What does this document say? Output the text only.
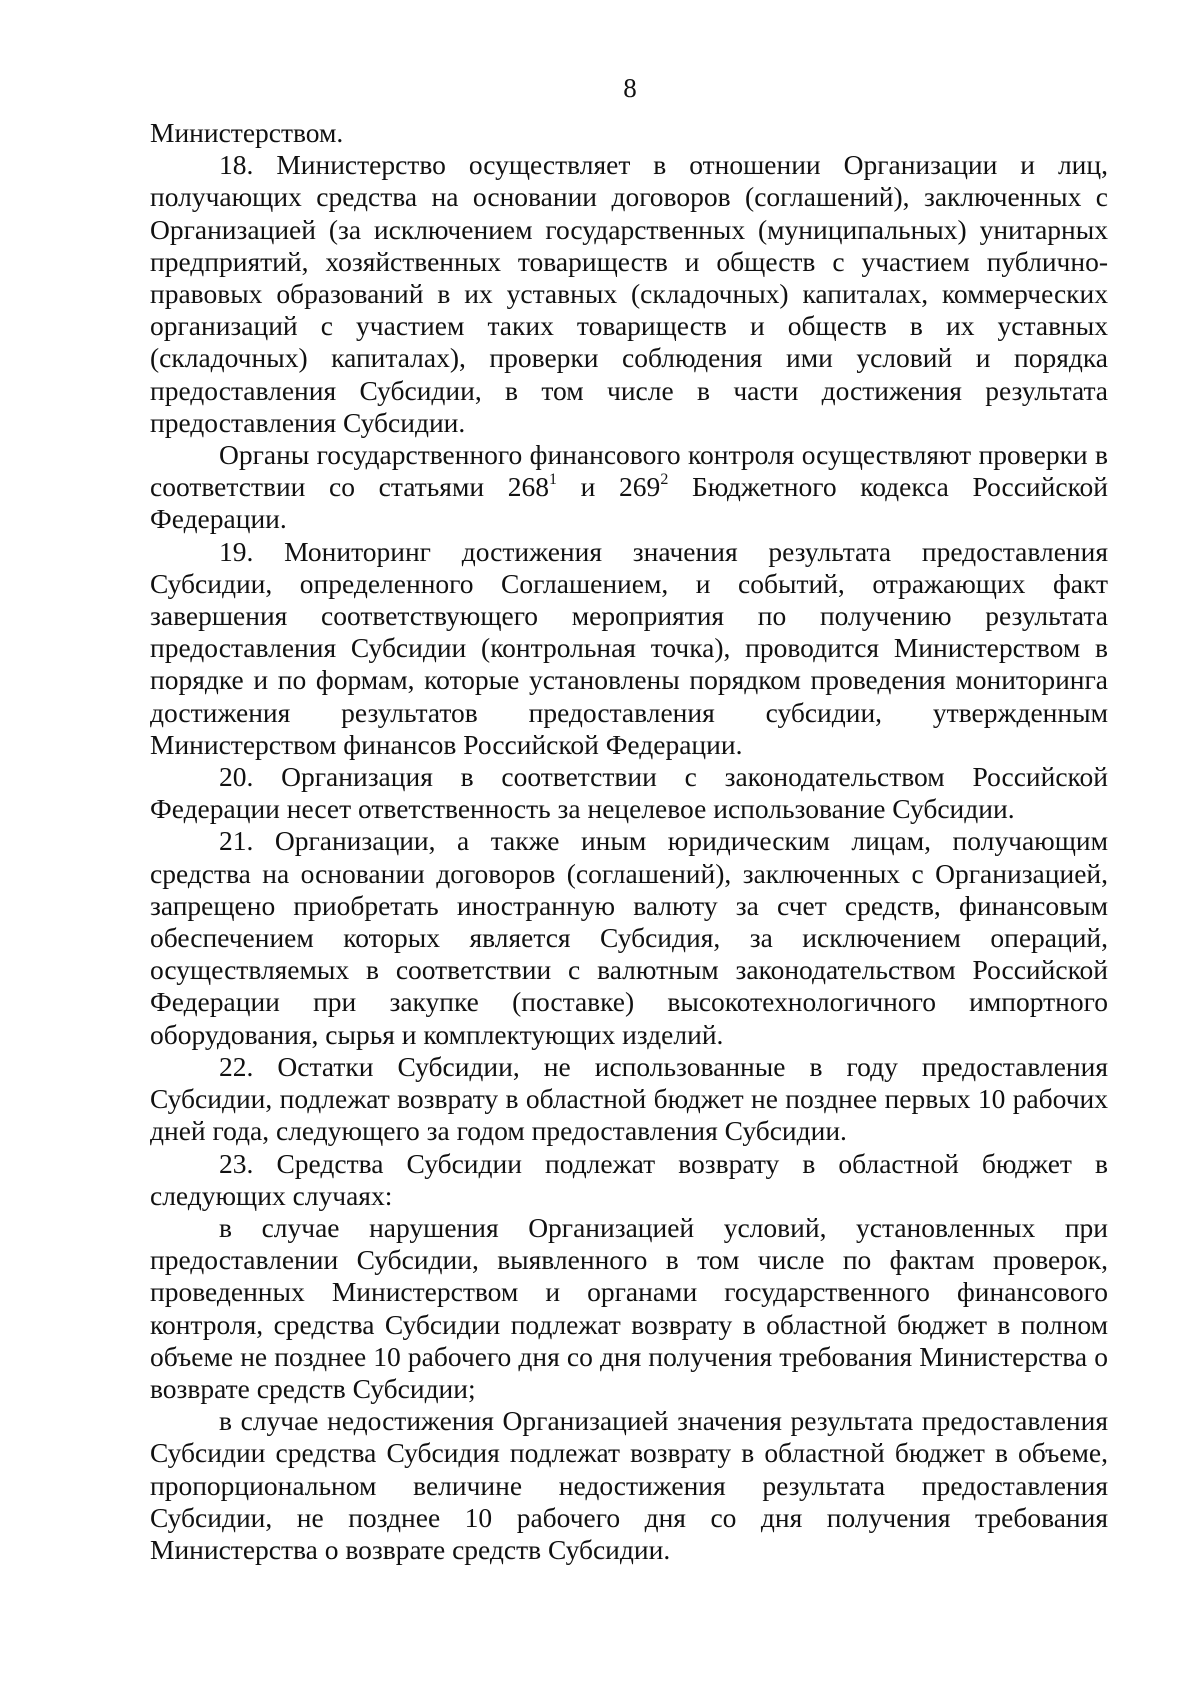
8

Министерством.

18. Министерство осуществляет в отношении Организации и лиц, получающих средства на основании договоров (соглашений), заключенных с Организацией (за исключением государственных (муниципальных) унитарных предприятий, хозяйственных товариществ и обществ с участием публично-правовых образований в их уставных (складочных) капиталах, коммерческих организаций с участием таких товариществ и обществ в их уставных (складочных) капиталах), проверки соблюдения ими условий и порядка предоставления Субсидии, в том числе в части достижения результата предоставления Субсидии.

Органы государственного финансового контроля осуществляют проверки в соответствии со статьями $268^1$ и $269^2$ Бюджетного кодекса Российской Федерации.

19. Мониторинг достижения значения результата предоставления Субсидии, определенного Соглашением, и событий, отражающих факт завершения соответствующего мероприятия по получению результата предоставления Субсидии (контрольная точка), проводится Министерством в порядке и по формам, которые установлены порядком проведения мониторинга достижения результатов предоставления субсидии, утвержденным Министерством финансов Российской Федерации.

20. Организация в соответствии с законодательством Российской Федерации несет ответственность за нецелевое использование Субсидии.

21. Организации, а также иным юридическим лицам, получающим средства на основании договоров (соглашений), заключенных с Организацией, запрещено приобретать иностранную валюту за счет средств, финансовым обеспечением которых является Субсидия, за исключением операций, осуществляемых в соответствии с валютным законодательством Российской Федерации при закупке (поставке) высокотехнологичного импортного оборудования, сырья и комплектующих изделий.

22. Остатки Субсидии, не использованные в году предоставления Субсидии, подлежат возврату в областной бюджет не позднее первых 10 рабочих дней года, следующего за годом предоставления Субсидии.

23. Средства Субсидии подлежат возврату в областной бюджет в следующих случаях:

в случае нарушения Организацией условий, установленных при предоставлении Субсидии, выявленного в том числе по фактам проверок, проведенных Министерством и органами государственного финансового контроля, средства Субсидии подлежат возврату в областной бюджет в полном объеме не позднее 10 рабочего дня со дня получения требования Министерства о возврате средств Субсидии;

в случае недостижения Организацией значения результата предоставления Субсидии средства Субсидия подлежат возврату в областной бюджет в объеме, пропорциональном величине недостижения результата предоставления Субсидии, не позднее 10 рабочего дня со дня получения требования Министерства о возврате средств Субсидии.
